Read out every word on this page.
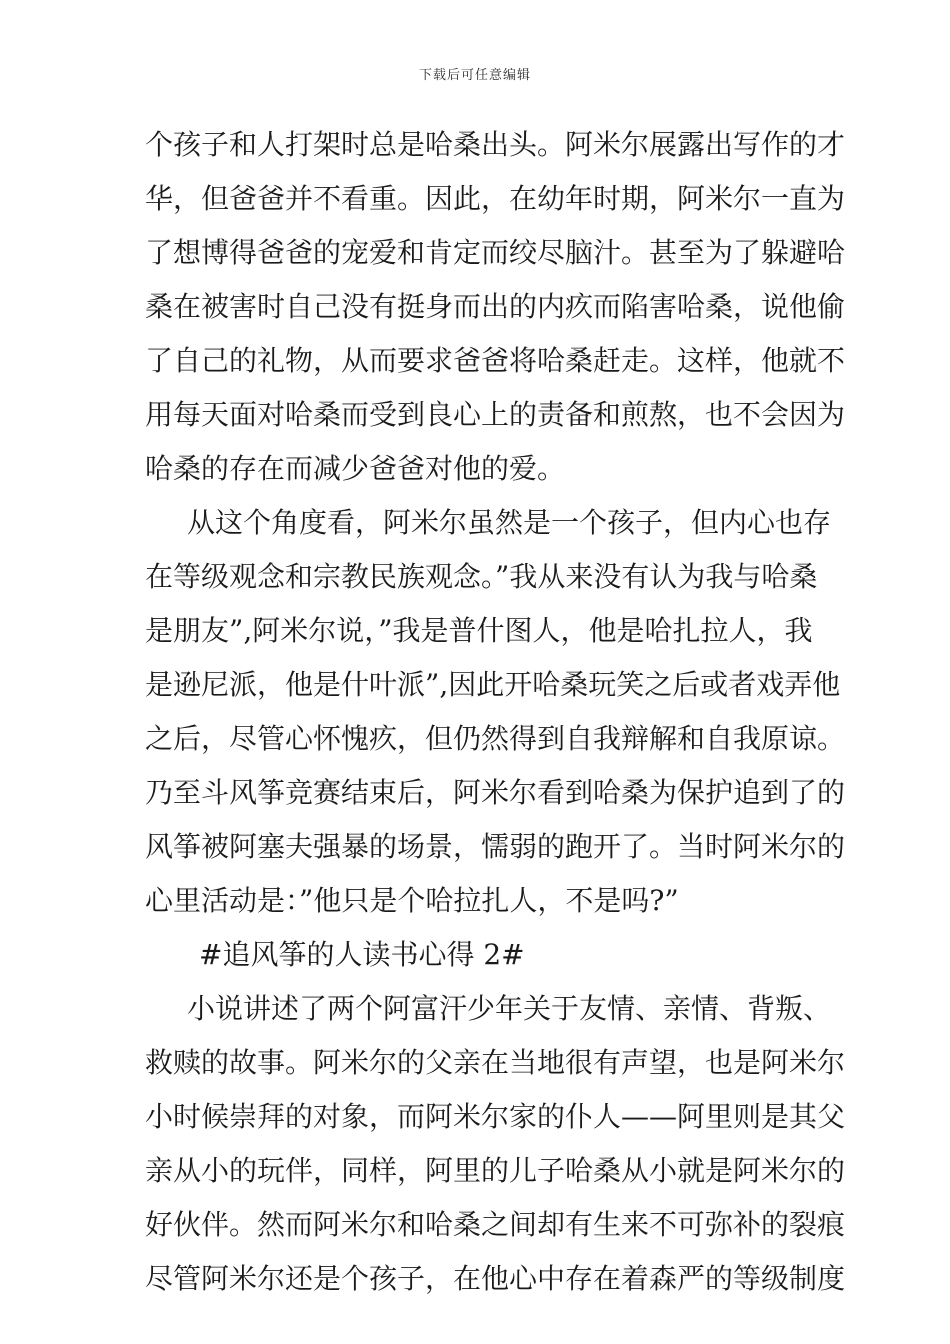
下载后可任意编辑
个孩子和人打架时总是哈桑出头。阿米尔展露出写作的才
华，但爸爸并不看重。因此，在幼年时期，阿米尔一直为
了想博得爸爸的宠爱和肯定而绞尽脑汁。甚至为了躲避哈
桑在被害时自己没有挺身而出的内疚而陷害哈桑，说他偷
了自己的礼物，从而要求爸爸将哈桑赶走。这样，他就不
用每天面对哈桑而受到良心上的责备和煎熬，也不会因为
哈桑的存在而减少爸爸对他的爱。
从这个角度看，阿米尔虽然是一个孩子，但内心也存
在等级观念和宗教民族观念。”我从来没有认为我与哈桑
是朋友”,阿米尔说，”我是普什图人，他是哈扎拉人，我
是逊尼派，他是什叶派”,因此开哈桑玩笑之后或者戏弄他
之后，尽管心怀愧疚，但仍然得到自我辩解和自我原谅。
乃至斗风筝竞赛结束后，阿米尔看到哈桑为保护追到了的
风筝被阿塞夫强暴的场景，懦弱的跑开了。当时阿米尔的
心里活动是：”他只是个哈拉扎人，不是吗?”
#追风筝的人读书心得 2#
小说讲述了两个阿富汗少年关于友情、亲情、背叛、
救赎的故事。阿米尔的父亲在当地很有声望，也是阿米尔
小时候崇拜的对象，而阿米尔家的仆人——阿里则是其父
亲从小的玩伴，同样，阿里的儿子哈桑从小就是阿米尔的
好伙伴。然而阿米尔和哈桑之间却有生来不可弥补的裂痕
尽管阿米尔还是个孩子，在他心中存在着森严的等级制度
